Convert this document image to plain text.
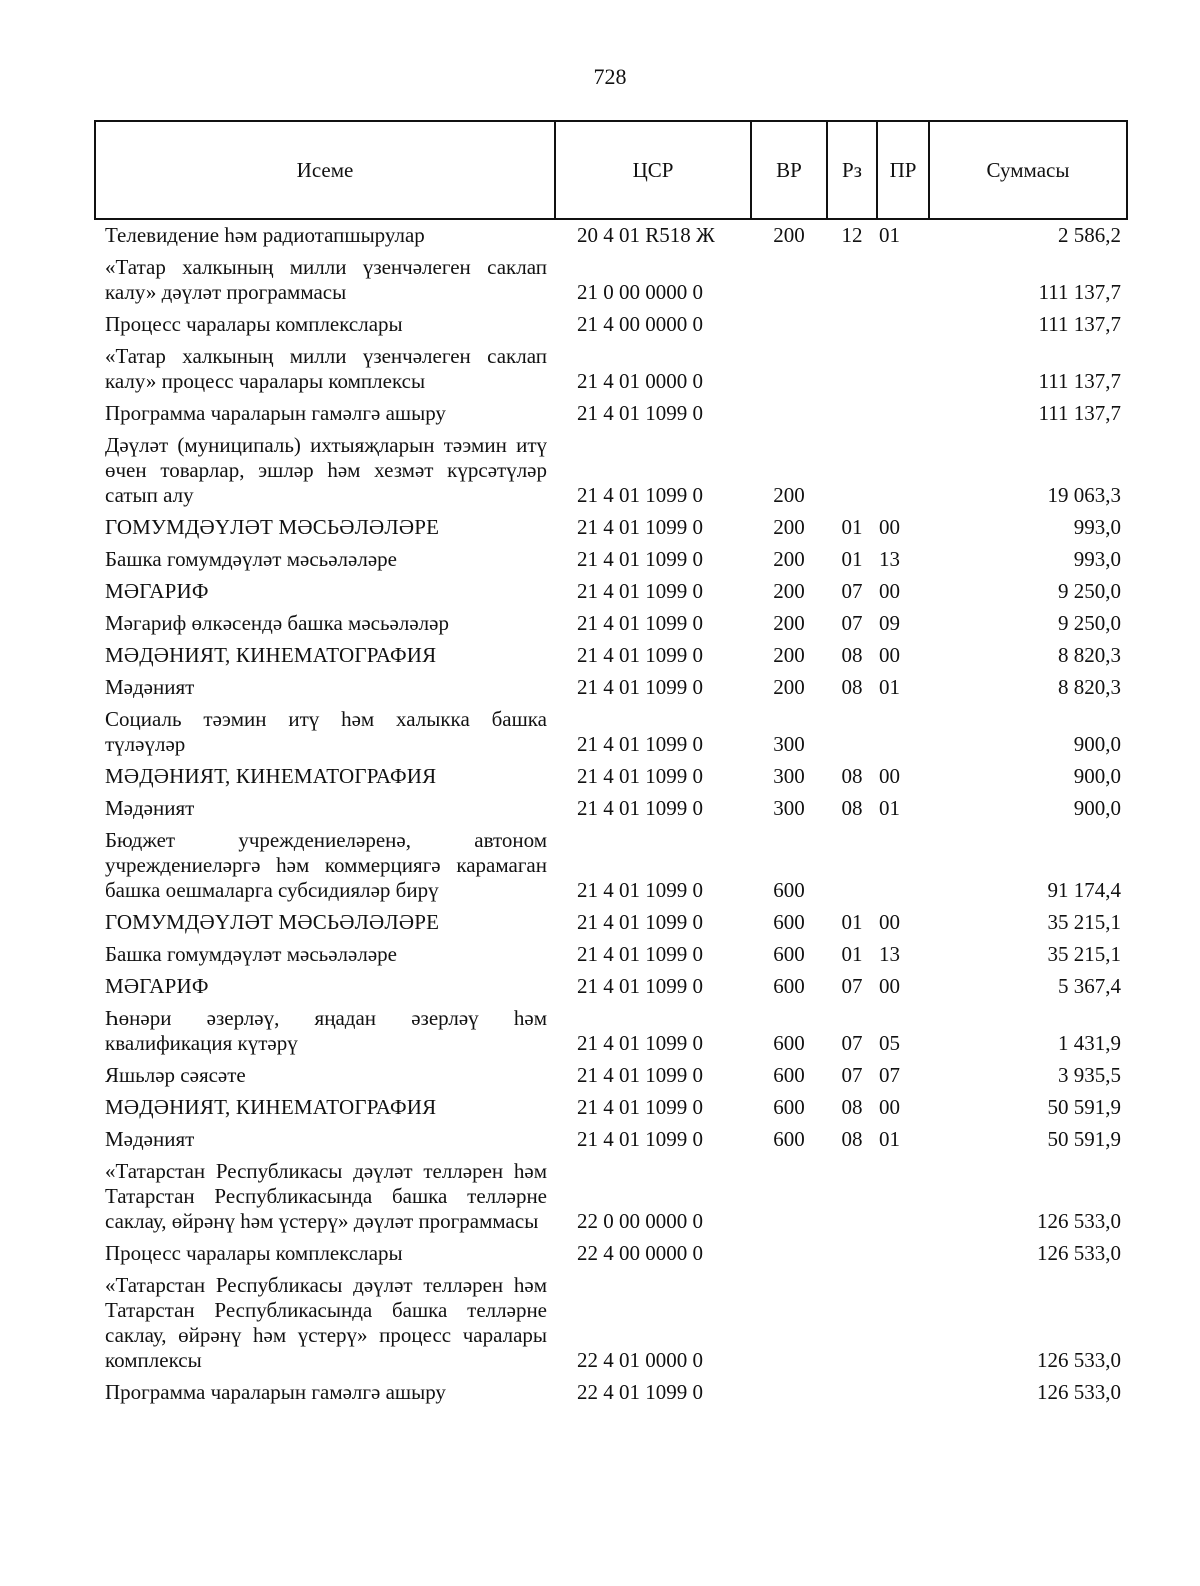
728
Исеме	ЦСР	ВР	Рз	ПР	Суммасы
Телевидение һәм радиотапшырулар	20 4 01 R518 Ж	200	12	01	2 586,2
«Татар халкының милли үзенчәлеген саклап калу» дәүләт программасы	21 0 00 0000 0				111 137,7
Процесс чаралары комплекслары	21 4 00 0000 0				111 137,7
«Татар халкының милли үзенчәлеген саклап калу» процесс чаралары комплексы	21 4 01 0000 0				111 137,7
Программа чараларын гамәлгә ашыру	21 4 01 1099 0				111 137,7
Дәүләт (муниципаль) ихтыяҗларын тәэмин итү өчен товарлар, эшләр һәм хезмәт күрсәтүләр сатып алу	21 4 01 1099 0	200			19 063,3
ГОМУМДӘҮЛӘТ МӘСЬӘЛӘЛӘРЕ	21 4 01 1099 0	200	01	00	993,0
Башка гомумдәүләт мәсьәләләре	21 4 01 1099 0	200	01	13	993,0
МӘГАРИФ	21 4 01 1099 0	200	07	00	9 250,0
Мәгариф өлкәсендә башка мәсьәләләр	21 4 01 1099 0	200	07	09	9 250,0
МӘДӘНИЯТ, КИНЕМАТОГРАФИЯ	21 4 01 1099 0	200	08	00	8 820,3
Мәдәният	21 4 01 1099 0	200	08	01	8 820,3
Социаль тәэмин итү һәм халыкка башка түләүләр	21 4 01 1099 0	300			900,0
МӘДӘНИЯТ, КИНЕМАТОГРАФИЯ	21 4 01 1099 0	300	08	00	900,0
Мәдәният	21 4 01 1099 0	300	08	01	900,0
Бюджет учреждениеләренә, автоном учреждениеләргә һәм коммерциягә карамаган башка оешмаларга субсидияләр бирү	21 4 01 1099 0	600			91 174,4
ГОМУМДӘҮЛӘТ МӘСЬӘЛӘЛӘРЕ	21 4 01 1099 0	600	01	00	35 215,1
Башка гомумдәүләт мәсьәләләре	21 4 01 1099 0	600	01	13	35 215,1
МӘГАРИФ	21 4 01 1099 0	600	07	00	5 367,4
Һөнәри әзерләү, яңадан әзерләү һәм квалификация күтәрү	21 4 01 1099 0	600	07	05	1 431,9
Яшьләр сәясәте	21 4 01 1099 0	600	07	07	3 935,5
МӘДӘНИЯТ, КИНЕМАТОГРАФИЯ	21 4 01 1099 0	600	08	00	50 591,9
Мәдәният	21 4 01 1099 0	600	08	01	50 591,9
«Татарстан Республикасы дәүләт телләрен һәм Татарстан Республикасында башка телләрне саклау, өйрәнү һәм үстерү» дәүләт программасы	22 0 00 0000 0				126 533,0
Процесс чаралары комплекслары	22 4 00 0000 0				126 533,0
«Татарстан Республикасы дәүләт телләрен һәм Татарстан Республикасында башка телләрне саклау, өйрәнү һәм үстерү» процесс чаралары комплексы	22 4 01 0000 0				126 533,0
Программа чараларын гамәлгә ашыру	22 4 01 1099 0				126 533,0
